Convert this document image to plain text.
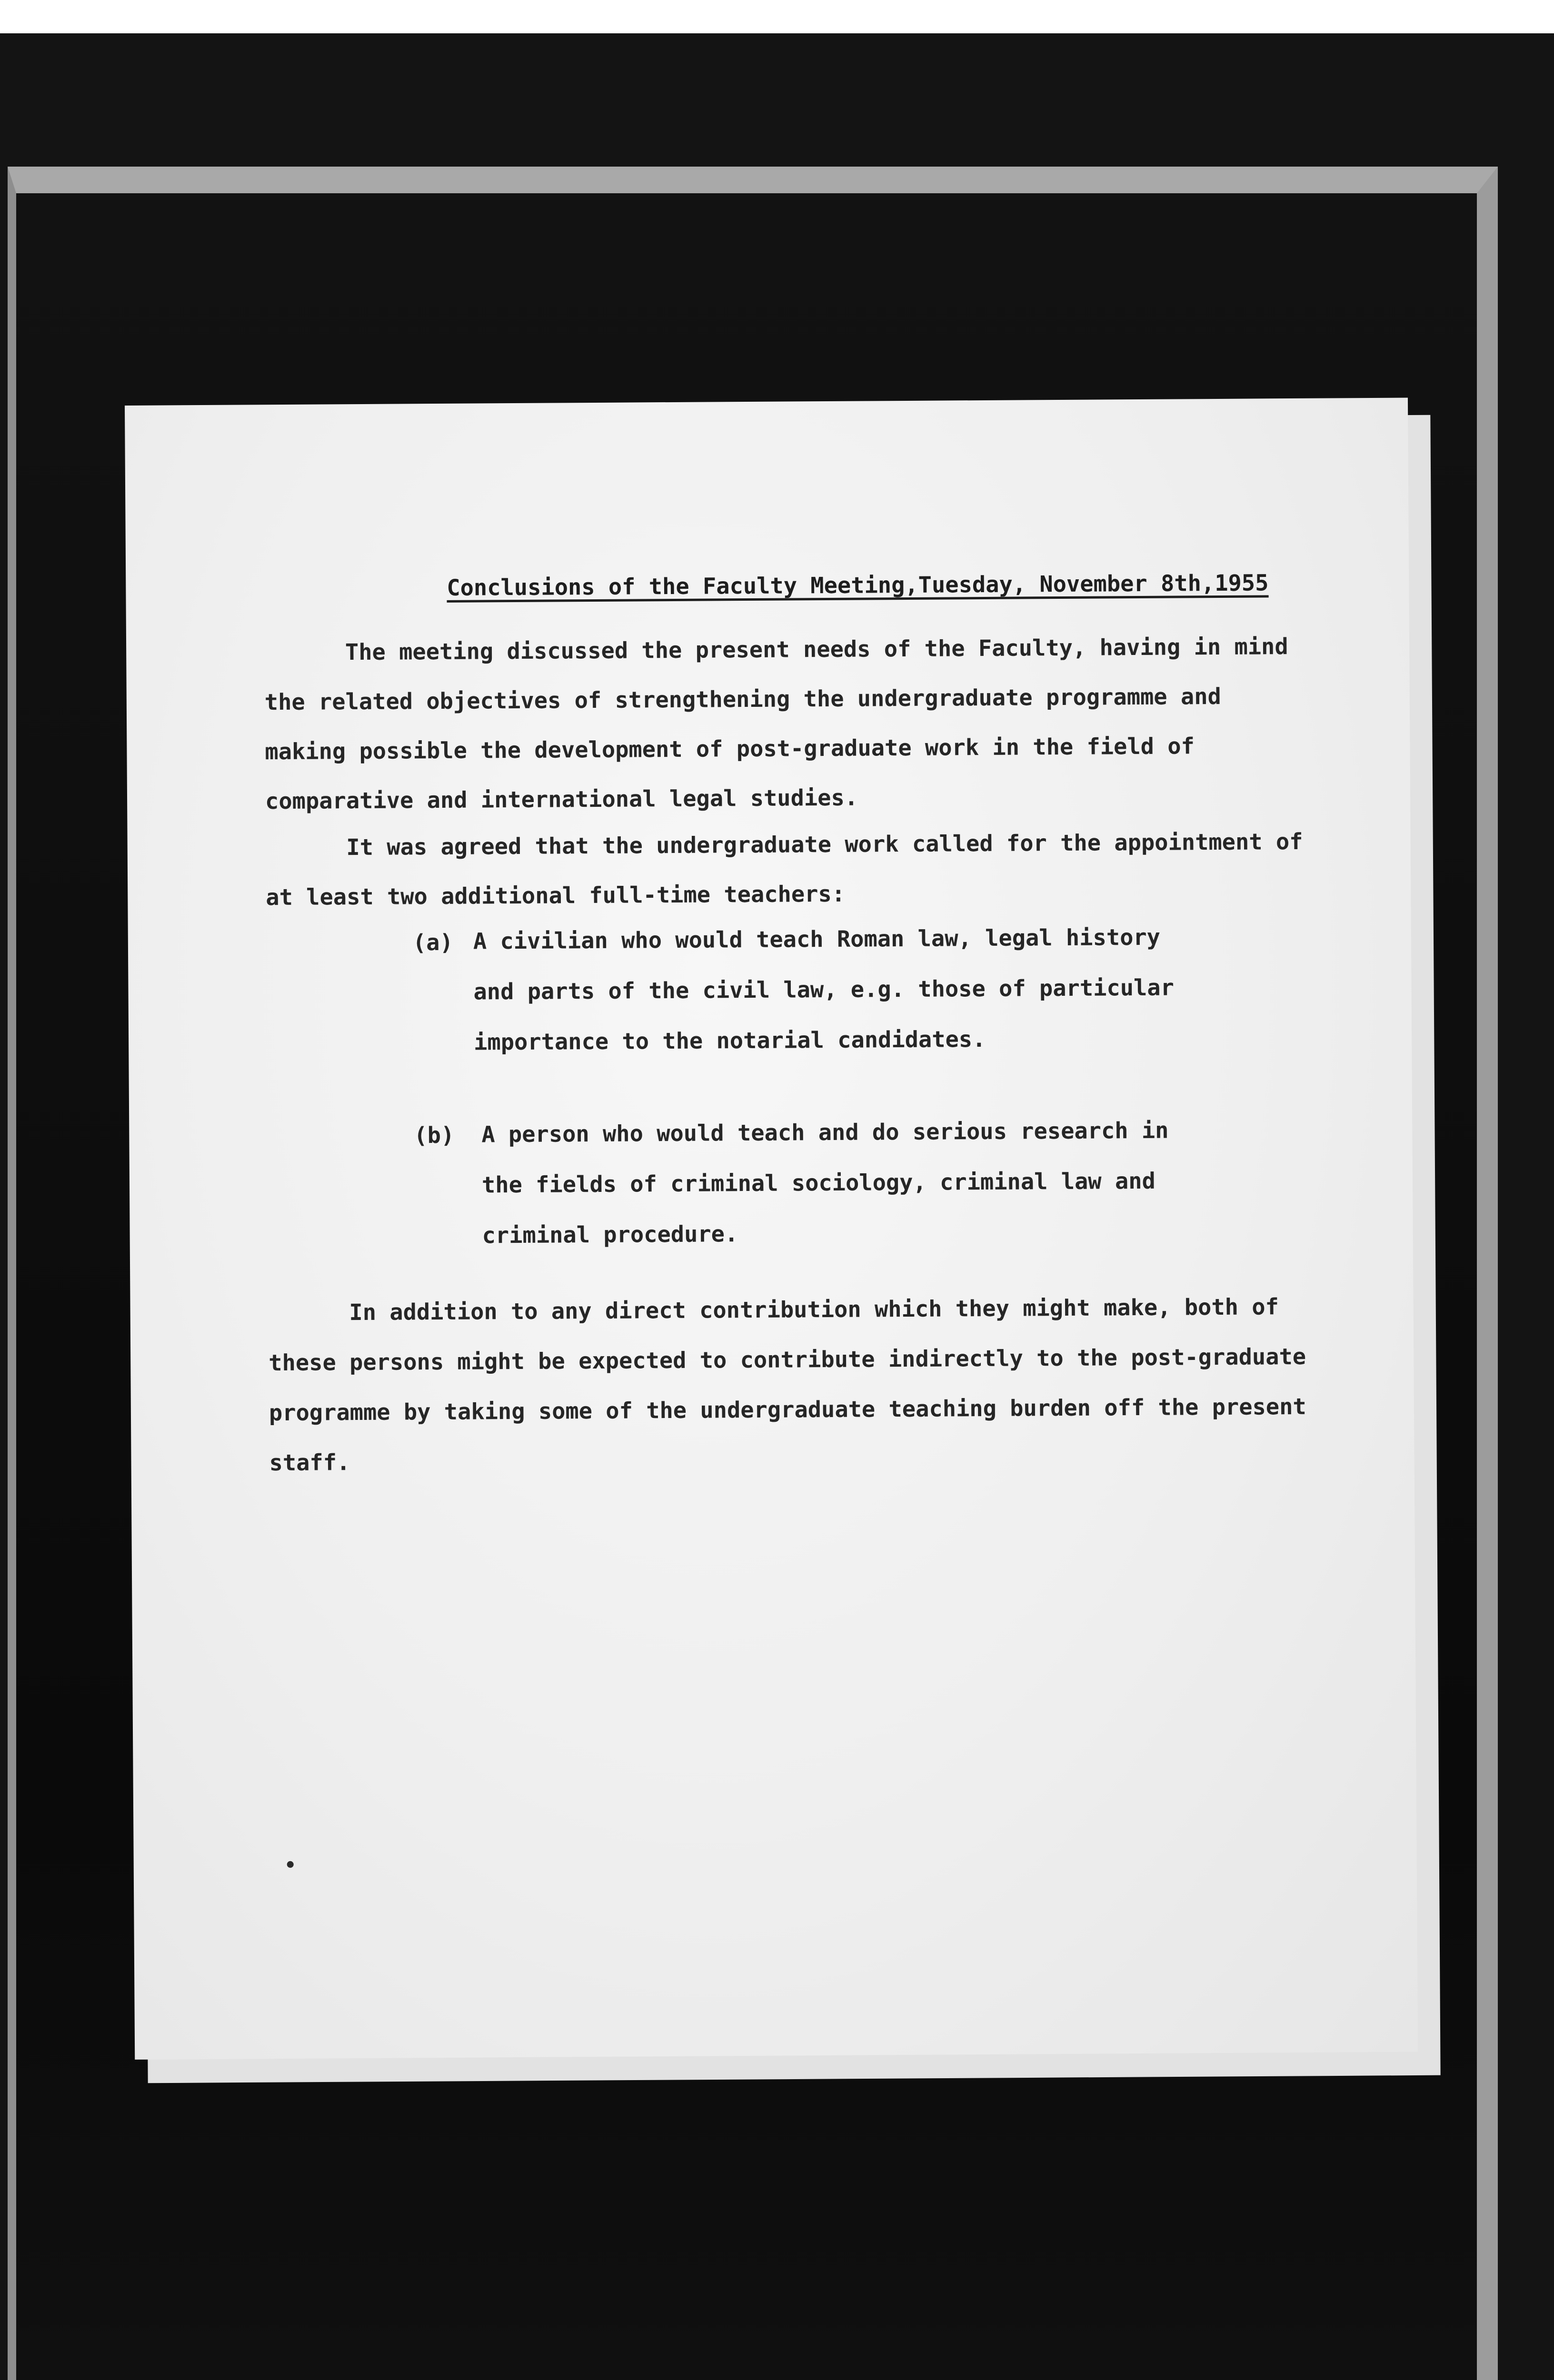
Conclusions of the Faculty Meeting,Tuesday, November 8th,1955
The meeting discussed the present needs of the Faculty, having in mind the related objectives of strengthening the undergraduate programme and making possible the development of post-graduate work in the field of comparative and international legal studies.
It was agreed that the undergraduate work called for the appointment of at least two additional full-time teachers:
(a) A civilian who would teach Roman law, legal history
and parts of the civil law, e.g. those of particular
importance to the notarial candidates.
(b) A person who would teach and do serious research in
the fields of criminal sociology, criminal law and
criminal procedure.
In addition to any direct contribution which they might make, both of these persons might be expected to contribute indirectly to the post-graduate programme by taking some of the undergraduate teaching burden off the present staff.
